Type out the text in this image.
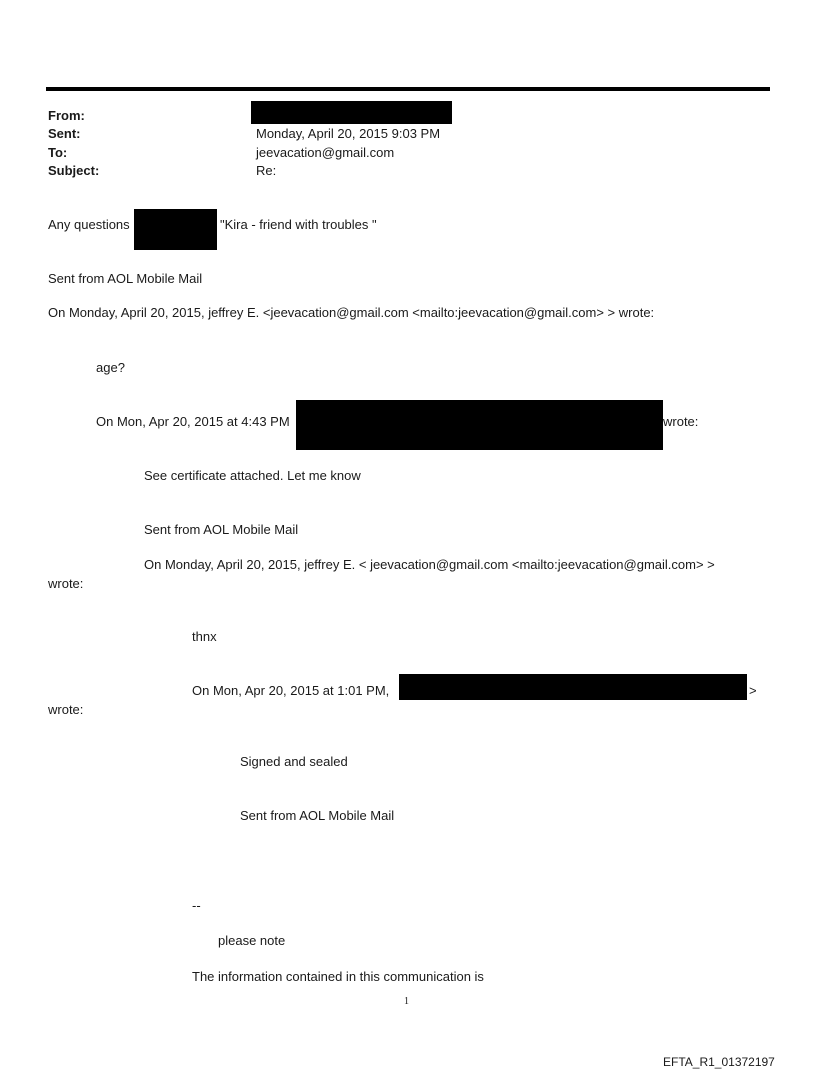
From:
Sent:	Monday, April 20, 2015 9:03 PM
To:	jeevacation@gmail.com
Subject:	Re:
Any questions	"Kira - friend with troubles "
Sent from AOL Mobile Mail
On Monday, April 20, 2015, jeffrey E. <jeevacation@gmail.com <mailto:jeevacation@gmail.com> > wrote:
age?
On Mon, Apr 20, 2015 at 4:43 PM	wrote:
See certificate attached. Let me know
Sent from AOL Mobile Mail
On Monday, April 20, 2015, jeffrey E. < jeevacation@gmail.com <mailto:jeevacation@gmail.com> >
wrote:
thnx
On Mon, Apr 20, 2015 at 1:01 PM,	>
wrote:
Signed and sealed
Sent from AOL Mobile Mail
--
please note
The information contained in this communication is
1
EFTA_R1_01372197
